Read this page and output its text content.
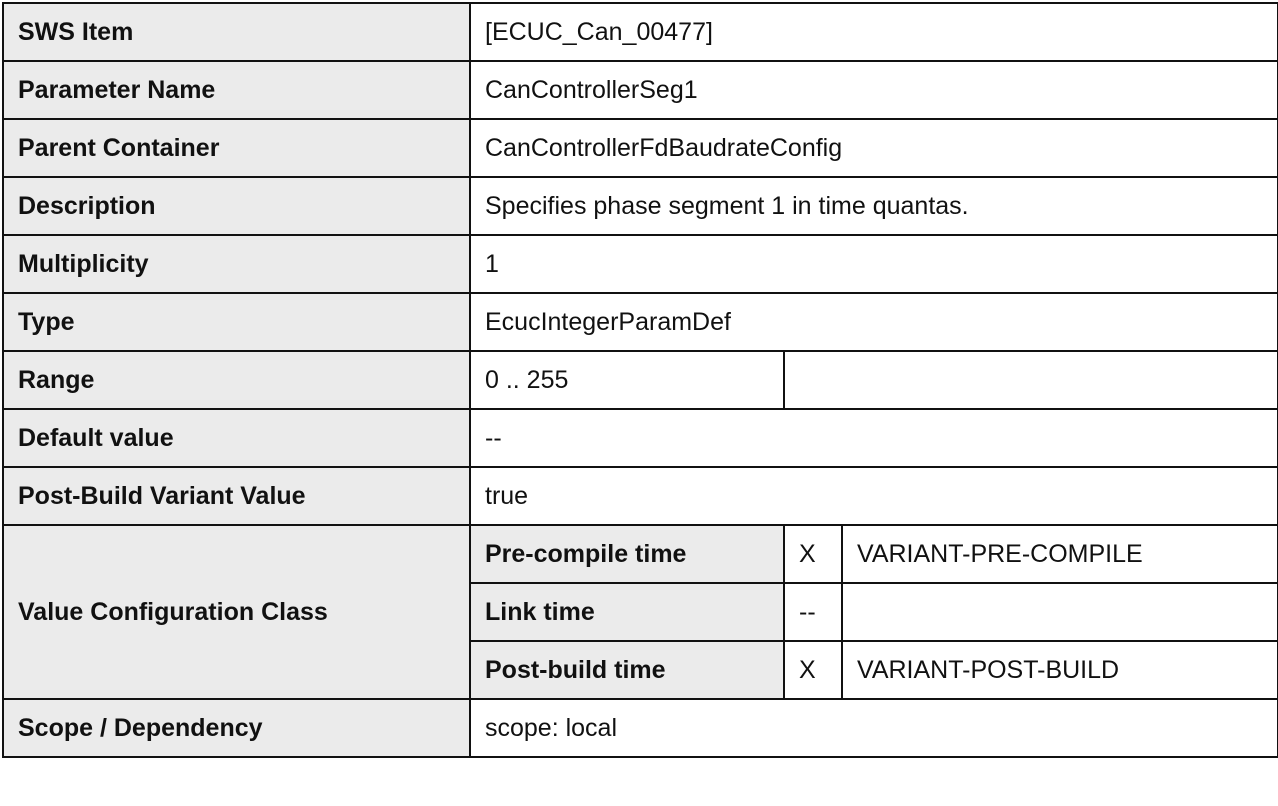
SWS Item	[ECUC_Can_00477]		
Parameter Name	CanControllerSeg1		
Parent Container	CanControllerFdBaudrateConfig		
Description	Specifies phase segment 1 in time quantas.		
Multiplicity	1		
Type	EcucIntegerParamDef		
Range	0 .. 255		
Default value	--		
Post-Build Variant Value	true		
Value Configuration Class	Pre-compile time	X	VARIANT-PRE-COMPILE
	Link time	--	
	Post-build time	X	VARIANT-POST-BUILD
Scope / Dependency	scope: local		
